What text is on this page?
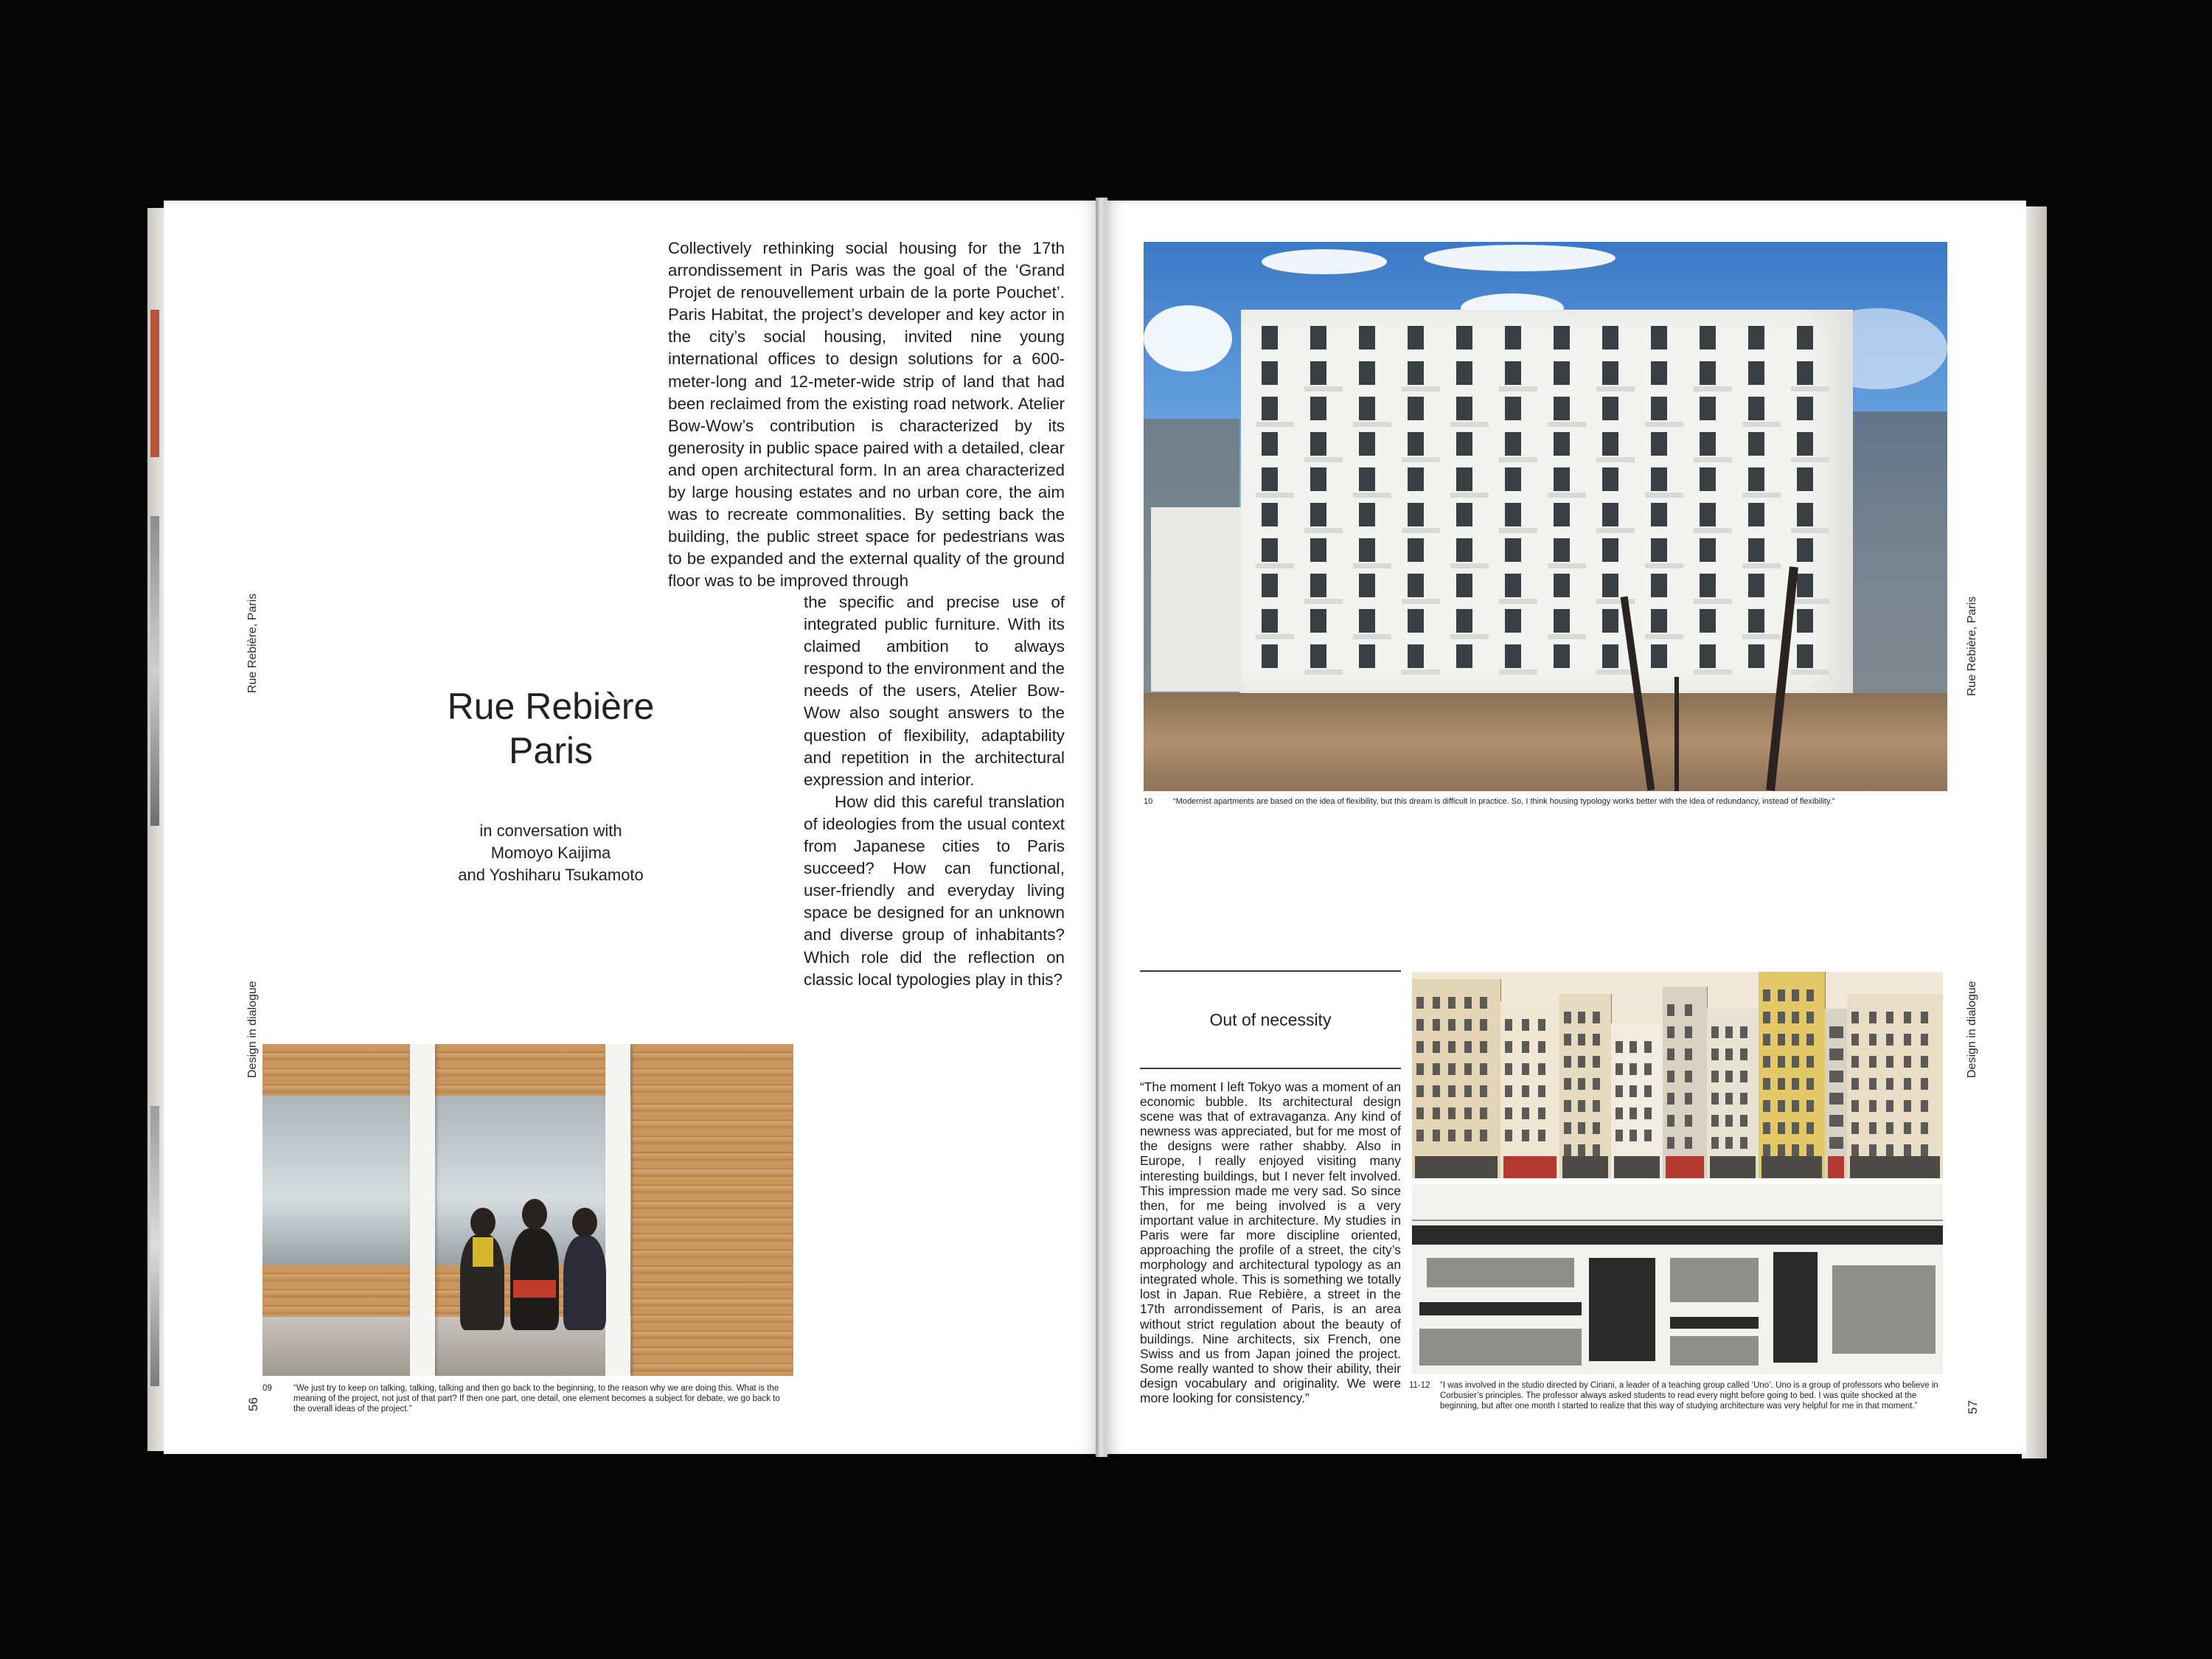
Rue Rebière, Paris
Design in dialogue
56
Rue Rebière
Paris
in conversation with
Momoyo Kaijima
and Yoshiharu Tsukamoto

Collectively rethinking social housing for the 17th arrondissement in Paris was the goal of the ‘Grand Projet de renouvellement urbain de la porte Pouchet’. Paris Habitat, the project’s developer and key actor in the city’s social housing, invited nine young international offices to design solutions for a 600-meter-long and 12-meter-wide strip of land that had been reclaimed from the existing road network. Atelier Bow-Wow’s contribution is characterized by its generosity in public space paired with a detailed, clear and open architectural form. In an area characterized by large housing estates and no urban core, the aim was to recreate commonalities. By setting back the building, the public street space for pedestrians was to be expanded and the external quality of the ground floor was to be improved through

the specific and precise use of integrated public furniture. With its claimed ambition to always respond to the environment and the needs of the users, Atelier Bow-Wow also sought answers to the question of flexibility, adaptability and repetition in the architectural expression and interior.

How did this careful translation of ideologies from the usual context from Japanese cities to Paris succeed? How can functional, user-friendly and everyday living space be designed for an unknown and diverse group of inhabitants? Which role did the reflection on classic local typologies play in this?

09	“We just try to keep on talking, talking, talking and then go back to the beginning, to the reason why we are doing this. What is the meaning of the project, not just of that part? If then one part, one detail, one element becomes a subject for debate, we go back to the overall ideas of the project.”
10	“Modernist apartments are based on the idea of flexibility, but this dream is difficult in practice. So, I think housing typology works better with the idea of redundancy, instead of flexibility.”
Out of necessity
“The moment I left Tokyo was a moment of an economic bubble. Its architectural design scene was that of extravaganza. Any kind of newness was appreciated, but for me most of the designs were rather shabby. Also in Europe, I really enjoyed visiting many interesting buildings, but I never felt involved. This impression made me very sad. So since then, for me being involved is a very important value in architecture. My studies in Paris were far more discipline oriented, approaching the profile of a street, the city’s morphology and architectural typology as an integrated whole. This is something we totally lost in Japan. Rue Rebière, a street in the 17th arrondissement of Paris, is an area without strict regulation about the beauty of buildings. Nine architects, six French, one Swiss and us from Japan joined the project. Some really wanted to show their ability, their design vocabulary and originality. We were more looking for consistency.”
11-12 “I was involved in the studio directed by Ciriani, a leader of a teaching group called ‘Uno’. Uno is a group of professors who believe in Corbusier’s principles. The professor always asked students to read every night before going to bed. I was quite shocked at the beginning, but after one month I started to realize that this way of studying architecture was very helpful for me in that moment.”
Rue Rebière, Paris
Design in dialogue
57
